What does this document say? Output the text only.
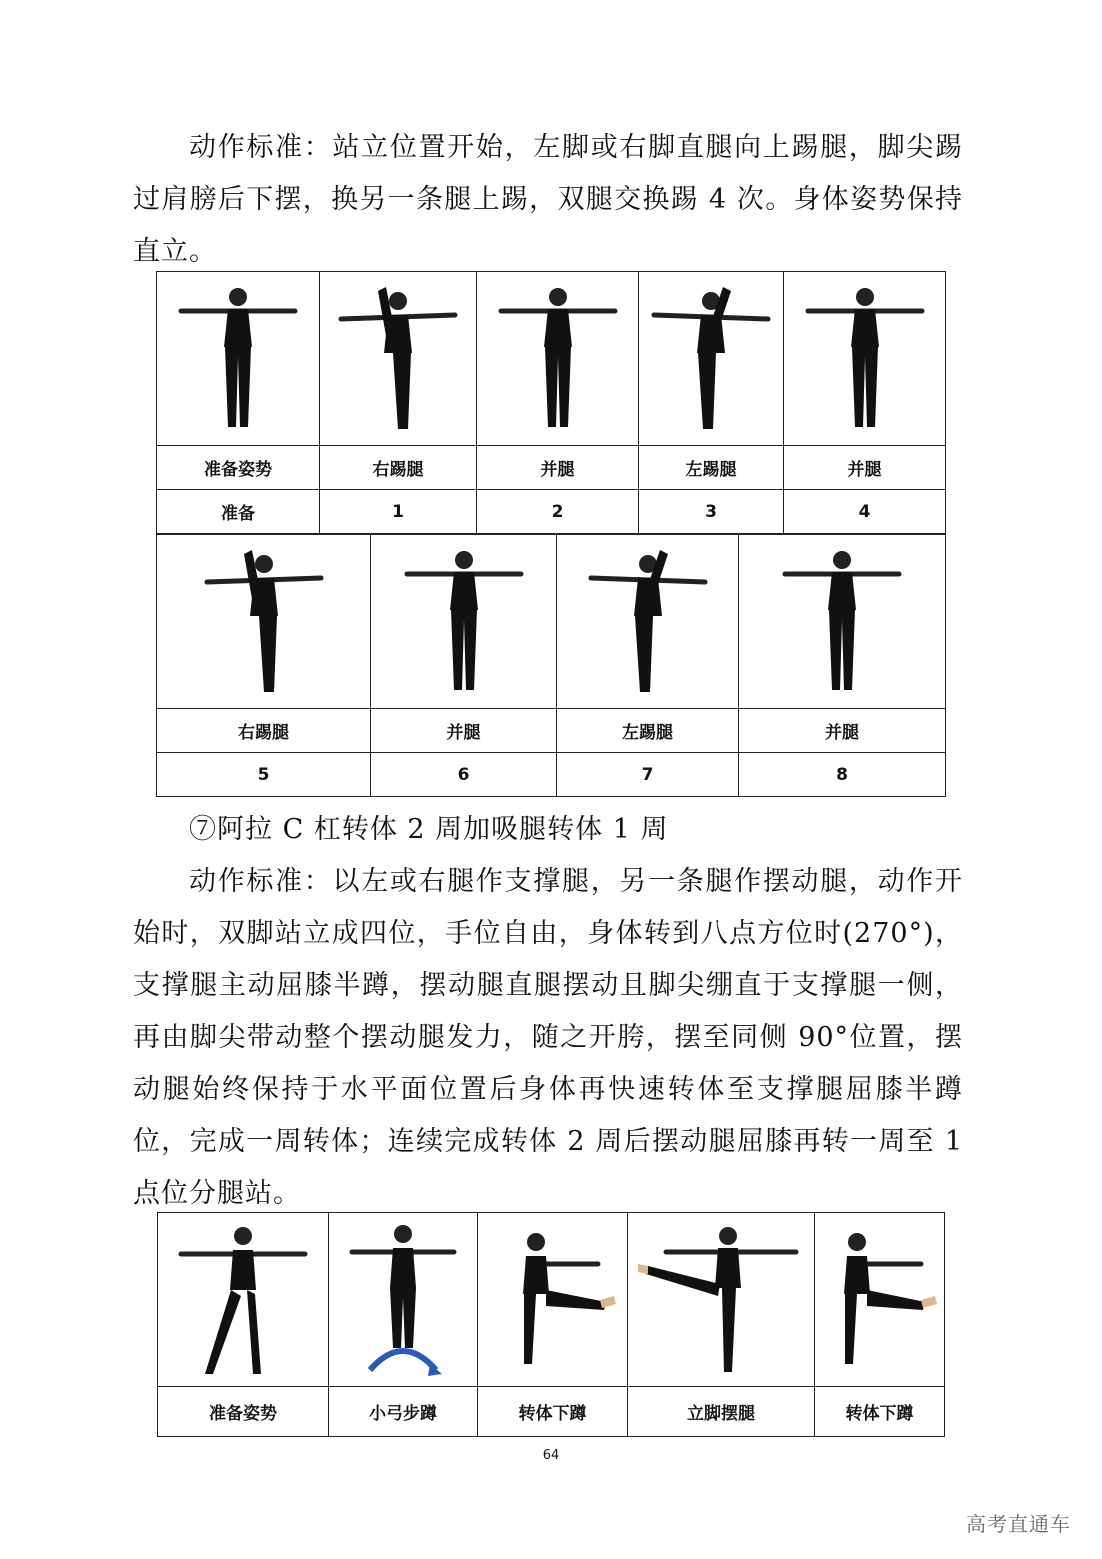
动作标准：站立位置开始，左脚或右脚直腿向上踢腿，脚尖踢过肩膀后下摆，换另一条腿上踢，双腿交换踢 4 次。身体姿势保持直立。

准备姿势	右踢腿	并腿	左踢腿	并腿
准备	1	2	3	4

右踢腿	并腿	左踢腿	并腿
5	6	7	8

⑦阿拉 C 杠转体 2 周加吸腿转体 1 周

动作标准：以左或右腿作支撑腿，另一条腿作摆动腿，动作开始时，双脚站立成四位，手位自由，身体转到八点方位时(270°)，支撑腿主动屈膝半蹲，摆动腿直腿摆动且脚尖绷直于支撑腿一侧，再由脚尖带动整个摆动腿发力，随之开胯，摆至同侧 90°位置，摆动腿始终保持于水平面位置后身体再快速转体至支撑腿屈膝半蹲位，完成一周转体；连续完成转体 2 周后摆动腿屈膝再转一周至 1 点位分腿站。

准备姿势	小弓步蹲	转体下蹲	立脚摆腿	转体下蹲
64
高考直通车
